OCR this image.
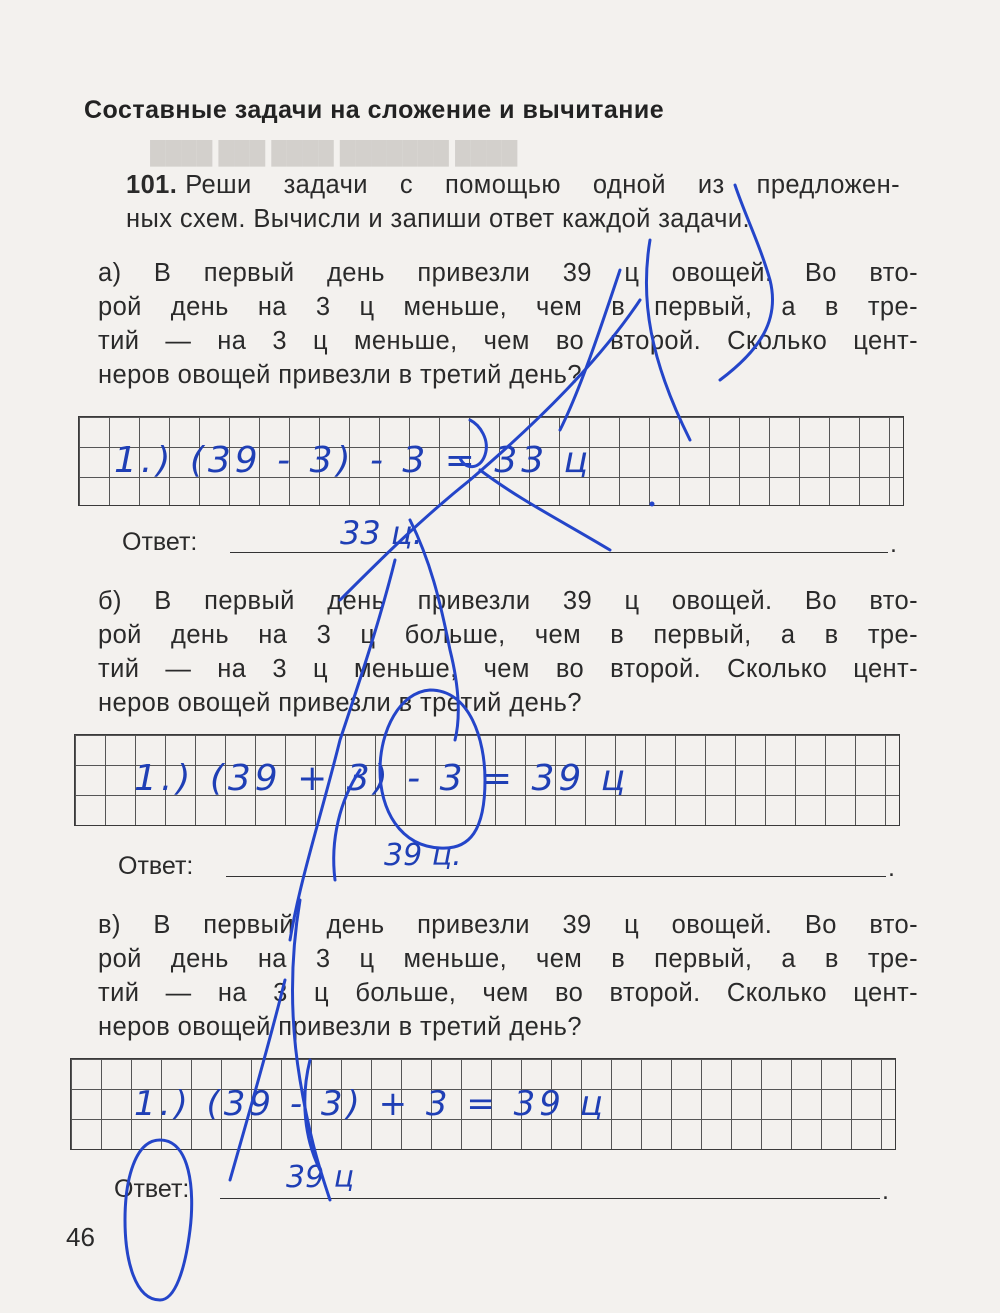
████ ███████ ████ ███ ████
Составные задачи на сложение и вычитание
101. Реши задачи с помощью одной из предложен-
ных схем. Вычисли и запиши ответ каждой задачи.
а) В первый день привезли 39 ц овощей. Во вто-
рой день на 3 ц меньше, чем в первый, а в тре-
тий — на 3 ц меньше, чем во второй. Сколько цент-
неров овощей привезли в третий день?
1.) (39 - 3) - 3 = 33 ц
Ответ:	.
33 ц.
б) В первый день привезли 39 ц овощей. Во вто-
рой день на 3 ц больше, чем в первый, а в тре-
тий — на 3 ц меньше, чем во второй. Сколько цент-
неров овощей привезли в третий день?
1.) (39 + 3) - 3 = 39 ц
Ответ:	.
39 ц.
в) В первый день привезли 39 ц овощей. Во вто-
рой день на 3 ц меньше, чем в первый, а в тре-
тий — на 3 ц больше, чем во второй. Сколько цент-
неров овощей привезли в третий день?
1.) (39 - 3) + 3 = 39 ц
Ответ:	.
39 ц
46
